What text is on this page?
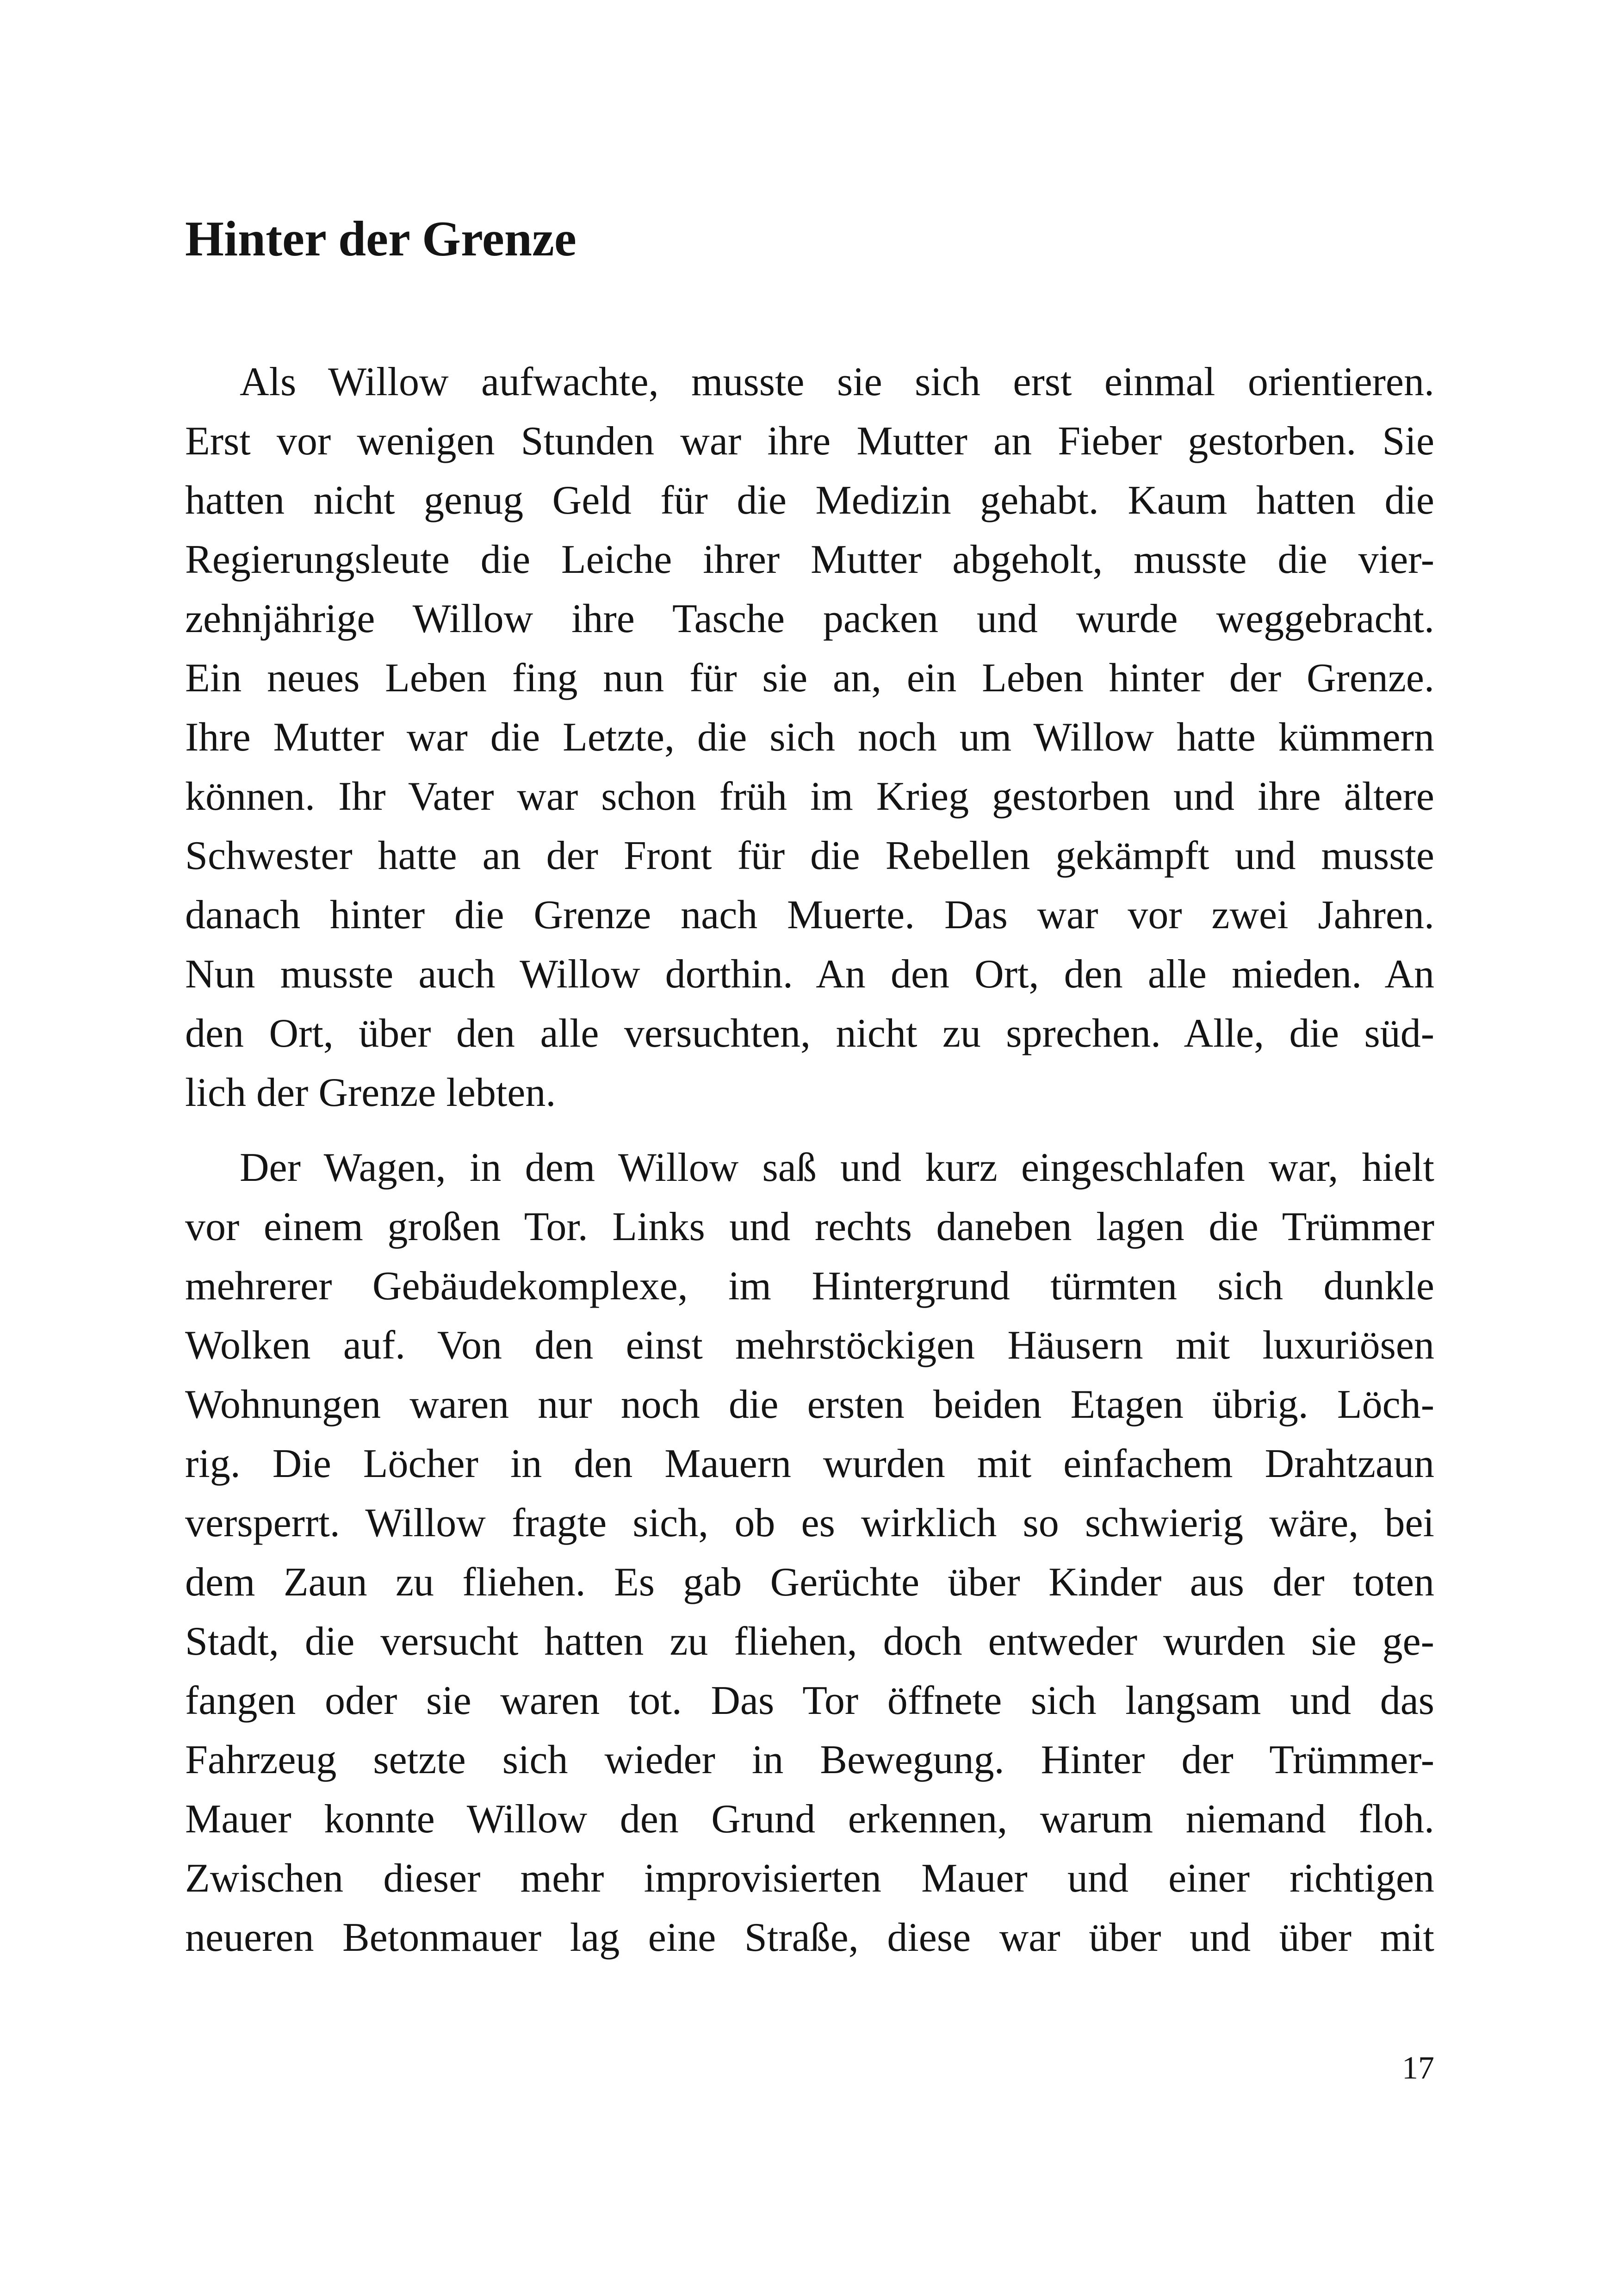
Hinter der Grenze

Als Willow aufwachte, musste sie sich erst einmal orientieren.

Erst vor wenigen Stunden war ihre Mutter an Fieber gestorben. Sie

hatten nicht genug Geld für die Medizin gehabt. Kaum hatten die

Regierungsleute die Leiche ihrer Mutter abgeholt, musste die vier-

zehnjährige Willow ihre Tasche packen und wurde weggebracht.

Ein neues Leben fing nun für sie an, ein Leben hinter der Grenze.

Ihre Mutter war die Letzte, die sich noch um Willow hatte kümmern

können. Ihr Vater war schon früh im Krieg gestorben und ihre ältere

Schwester hatte an der Front für die Rebellen gekämpft und musste

danach hinter die Grenze nach Muerte. Das war vor zwei Jahren.

Nun musste auch Willow dorthin. An den Ort, den alle mieden. An

den Ort, über den alle versuchten, nicht zu sprechen. Alle, die süd-

lich der Grenze lebten.

Der Wagen, in dem Willow saß und kurz eingeschlafen war, hielt

vor einem großen Tor. Links und rechts daneben lagen die Trümmer

mehrerer Gebäudekomplexe, im Hintergrund türmten sich dunkle

Wolken auf. Von den einst mehrstöckigen Häusern mit luxuriösen

Wohnungen waren nur noch die ersten beiden Etagen übrig. Löch-

rig. Die Löcher in den Mauern wurden mit einfachem Drahtzaun

versperrt. Willow fragte sich, ob es wirklich so schwierig wäre, bei

dem Zaun zu fliehen. Es gab Gerüchte über Kinder aus der toten

Stadt, die versucht hatten zu fliehen, doch entweder wurden sie ge-

fangen oder sie waren tot. Das Tor öffnete sich langsam und das

Fahrzeug setzte sich wieder in Bewegung. Hinter der Trümmer-

Mauer konnte Willow den Grund erkennen, warum niemand floh.

Zwischen dieser mehr improvisierten Mauer und einer richtigen

neueren Betonmauer lag eine Straße, diese war über und über mit

17
